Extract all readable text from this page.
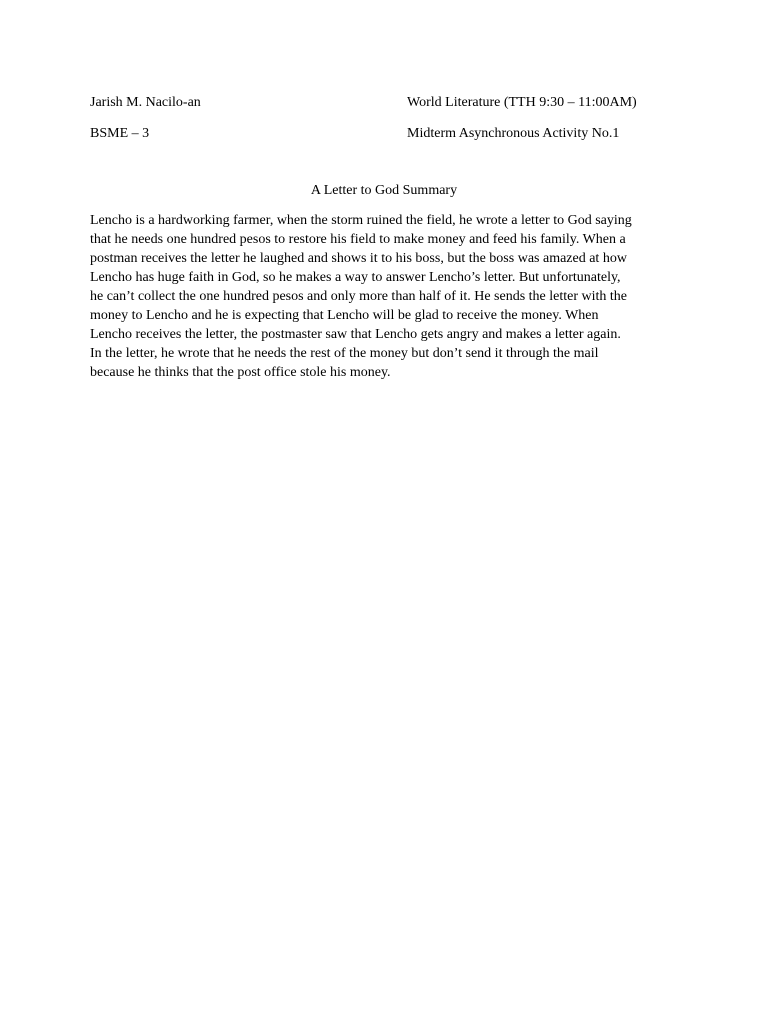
Jarish M. Nacilo-an	World Literature (TTH 9:30 – 11:00AM)
BSME – 3	Midterm Asynchronous Activity No.1
A Letter to God Summary
Lencho is a hardworking farmer, when the storm ruined the field, he wrote a letter to God saying
that he needs one hundred pesos to restore his field to make money and feed his family. When a
postman receives the letter he laughed and shows it to his boss, but the boss was amazed at how
Lencho has huge faith in God, so he makes a way to answer Lencho’s letter. But unfortunately,
he can’t collect the one hundred pesos and only more than half of it. He sends the letter with the
money to Lencho and he is expecting that Lencho will be glad to receive the money. When
Lencho receives the letter, the postmaster saw that Lencho gets angry and makes a letter again.
In the letter, he wrote that he needs the rest of the money but don’t send it through the mail
because he thinks that the post office stole his money.
